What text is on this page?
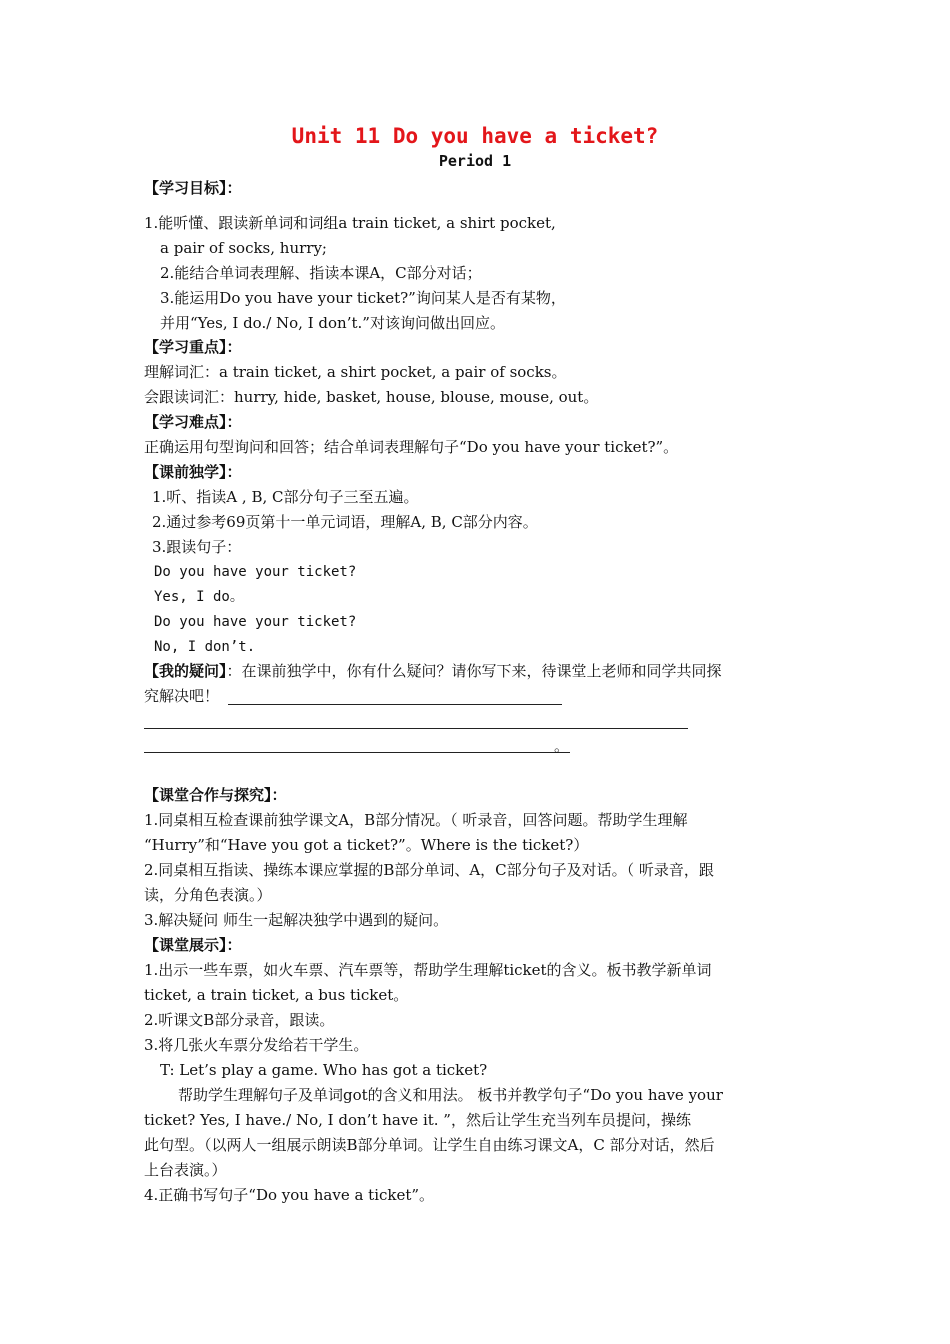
Unit 11 Do you have a ticket?
Period 1
【学习目标】：
1.能听懂、跟读新单词和词组a train ticket, a shirt pocket,
a pair of socks, hurry;
2.能结合单词表理解、指读本课A，C部分对话；
3.能运用Do you have your ticket?”询问某人是否有某物，
并用“Yes, I do./ No, I don’t.”对该询问做出回应。
【学习重点】：
理解词汇：a train ticket, a shirt pocket, a pair of socks。
会跟读词汇：hurry, hide, basket, house, blouse, mouse, out。
【学习难点】：
正确运用句型询问和回答；结合单词表理解句子“Do you have your ticket?”。
【课前独学】：
1.听、指读A , B, C部分句子三至五遍。
2.通过参考69页第十一单元词语，理解A, B, C部分内容。
3.跟读句子：
Do you have your ticket?
Yes, I do。
Do you have your ticket?
No, I don’t.
【我的疑问】：在课前独学中，你有什么疑问？请你写下来，待课堂上老师和同学共同探
究解决吧！
。
【课堂合作与探究】：
1.同桌相互检查课前独学课文A，B部分情况。（ 听录音，回答问题。帮助学生理解
“Hurry”和“Have you got a ticket?”。Where is the ticket?）
2.同桌相互指读、操练本课应掌握的B部分单词、A，C部分句子及对话。（ 听录音，跟
读，分角色表演。）
3.解决疑问 师生一起解决独学中遇到的疑问。
【课堂展示】：
1.出示一些车票，如火车票、汽车票等，帮助学生理解ticket的含义。板书教学新单词
ticket, a train ticket, a bus ticket。
2.听课文B部分录音，跟读。
3.将几张火车票分发给若干学生。
T: Let’s play a game. Who has got a ticket?
帮助学生理解句子及单词got的含义和用法。 板书并教学句子“Do you have your
ticket? Yes, I have./ No, I don’t have it. ”，然后让学生充当列车员提问，操练
此句型。（以两人一组展示朗读B部分单词。让学生自由练习课文A，C 部分对话，然后
上台表演。）
4.正确书写句子“Do you have a ticket”。
